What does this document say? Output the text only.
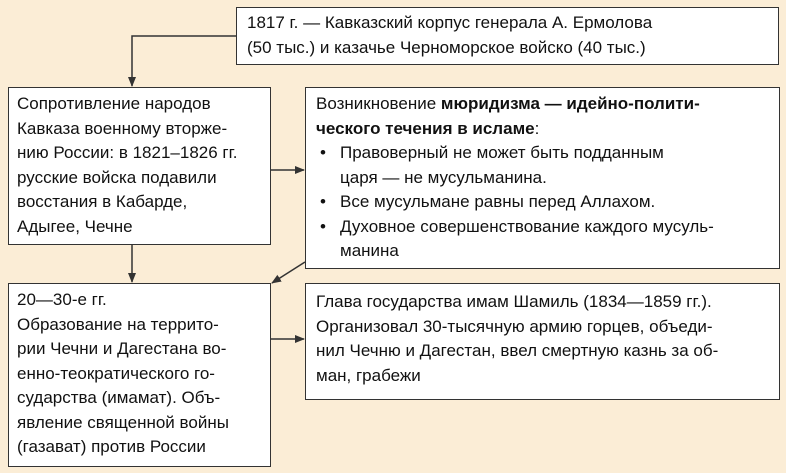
1817 г. — Кавказский корпус генерала А. Ермолова
(50 тыс.) и казачье Черноморское войско (40 тыс.)
Сопротивление народов
Кавказа военному вторже-
нию России: в 1821–1826 гг.
русские войска подавили
восстания в Кабарде,
Адыгее, Чечне
Возникновение мюридизма — идейно-полити-
ческого течения в исламе:
• Правоверный не может быть подданным
царя — не мусульманина.
• Все мусульмане равны перед Аллахом.
• Духовное совершенствование каждого мусуль-
манина
20—30-е гг.
Образование на террито-
рии Чечни и Дагестана во-
енно-теократического го-
сударства (имамат). Объ-
явление священной войны
(газават) против России
Глава государства имам Шамиль (1834—1859 гг.).
Организовал 30-тысячную армию горцев, объеди-
нил Чечню и Дагестан, ввел смертную казнь за об-
ман, грабежи
